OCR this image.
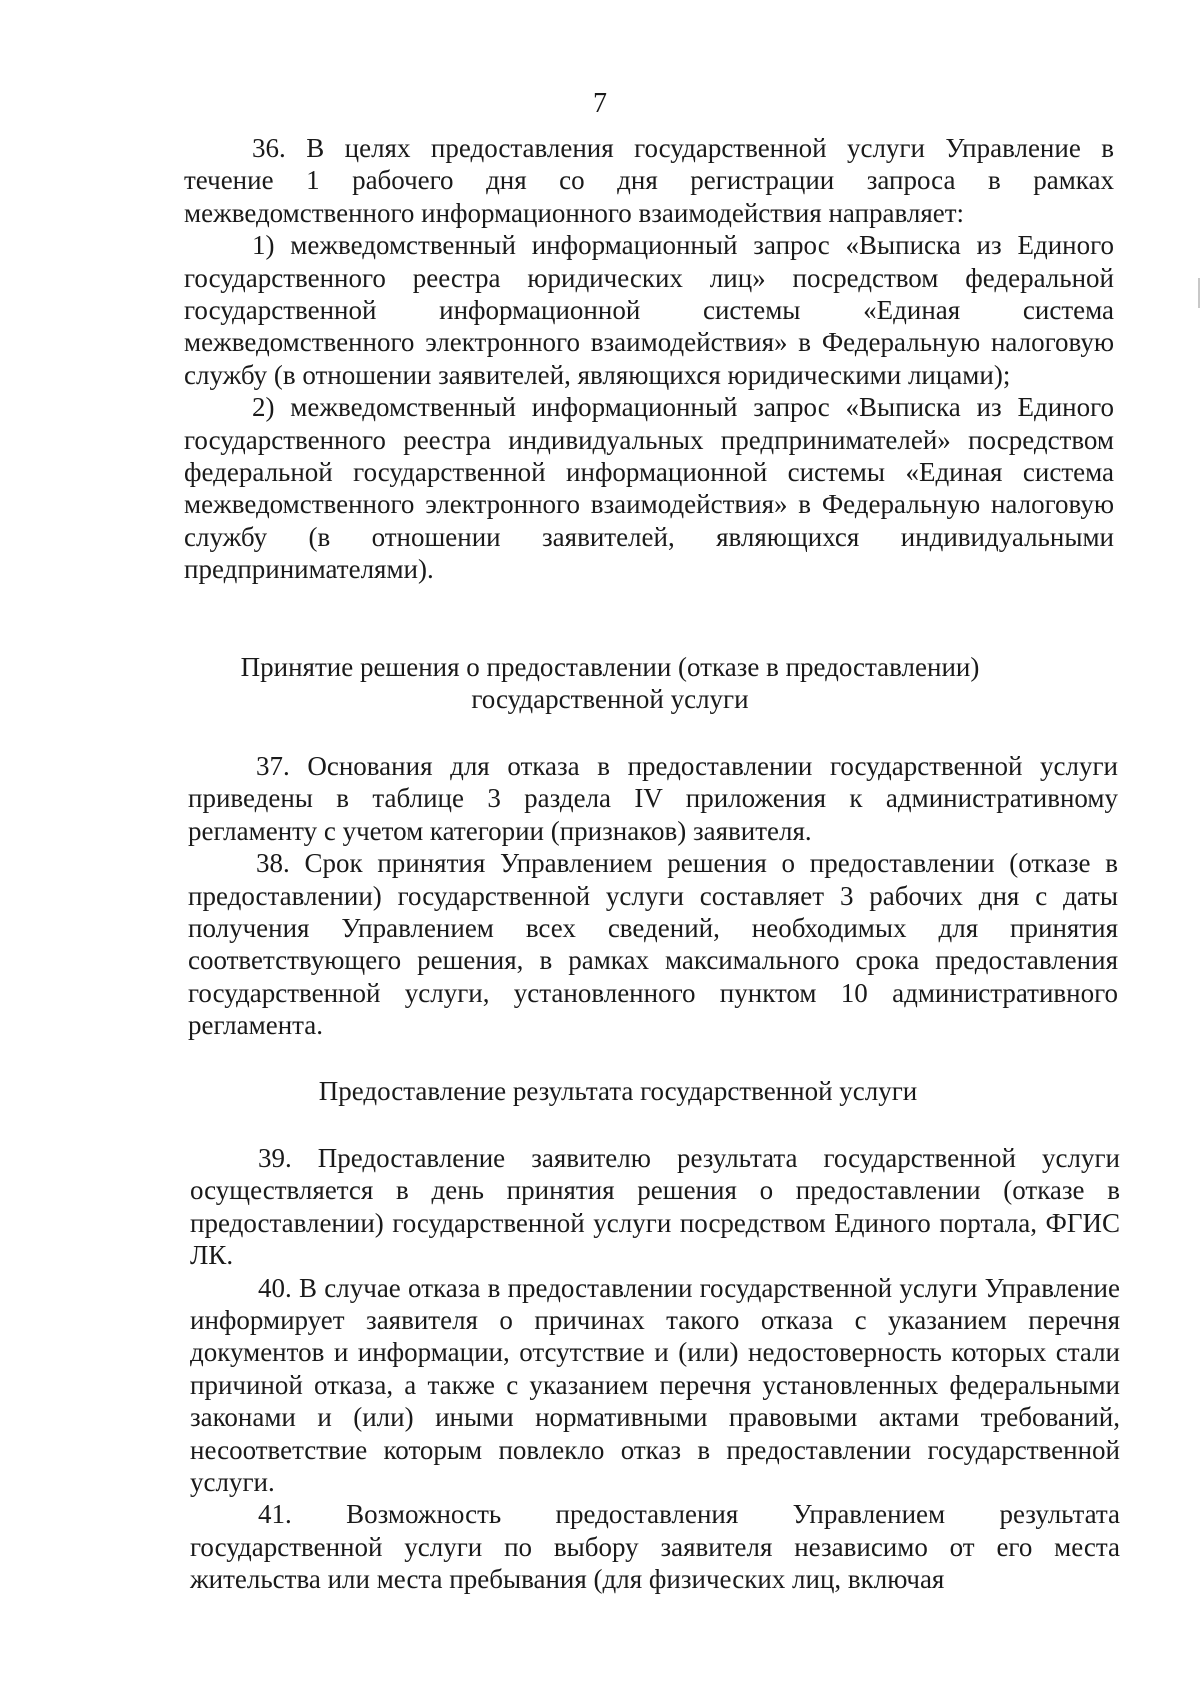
7

36. В целях предоставления государственной услуги Управление в течение 1 рабочего дня со дня регистрации запроса в рамках межведомственного информационного взаимодействия направляет:

1) межведомственный информационный запрос «Выписка из Единого государственного реестра юридических лиц» посредством федеральной государственной информационной системы «Единая система межведомственного электронного взаимодействия» в Федеральную налоговую службу (в отношении заявителей, являющихся юридическими лицами);

2) межведомственный информационный запрос «Выписка из Единого государственного реестра индивидуальных предпринимателей» посредством федеральной государственной информационной системы «Единая система межведомственного электронного взаимодействия» в Федеральную налоговую службу (в отношении заявителей, являющихся индивидуальными предпринимателями).

Принятие решения о предоставлении (отказе в предоставлении)
государственной услуги

37. Основания для отказа в предоставлении государственной услуги приведены в таблице 3 раздела IV приложения к административному регламенту с учетом категории (признаков) заявителя.

38. Срок принятия Управлением решения о предоставлении (отказе в предоставлении) государственной услуги составляет 3 рабочих дня с даты получения Управлением всех сведений, необходимых для принятия соответствующего решения, в рамках максимального срока предоставления государственной услуги, установленного пунктом 10 административного регламента.

Предоставление результата государственной услуги

39. Предоставление заявителю результата государственной услуги осуществляется в день принятия решения о предоставлении (отказе в предоставлении) государственной услуги посредством Единого портала, ФГИС ЛК.

40. В случае отказа в предоставлении государственной услуги Управление информирует заявителя о причинах такого отказа с указанием перечня документов и информации, отсутствие и (или) недостоверность которых стали причиной отказа, а также с указанием перечня установленных федеральными законами и (или) иными нормативными правовыми актами требований, несоответствие которым повлекло отказ в предоставлении государственной услуги.

41. Возможность предоставления Управлением результата государственной услуги по выбору заявителя независимо от его места жительства или места пребывания (для физических лиц, включая
